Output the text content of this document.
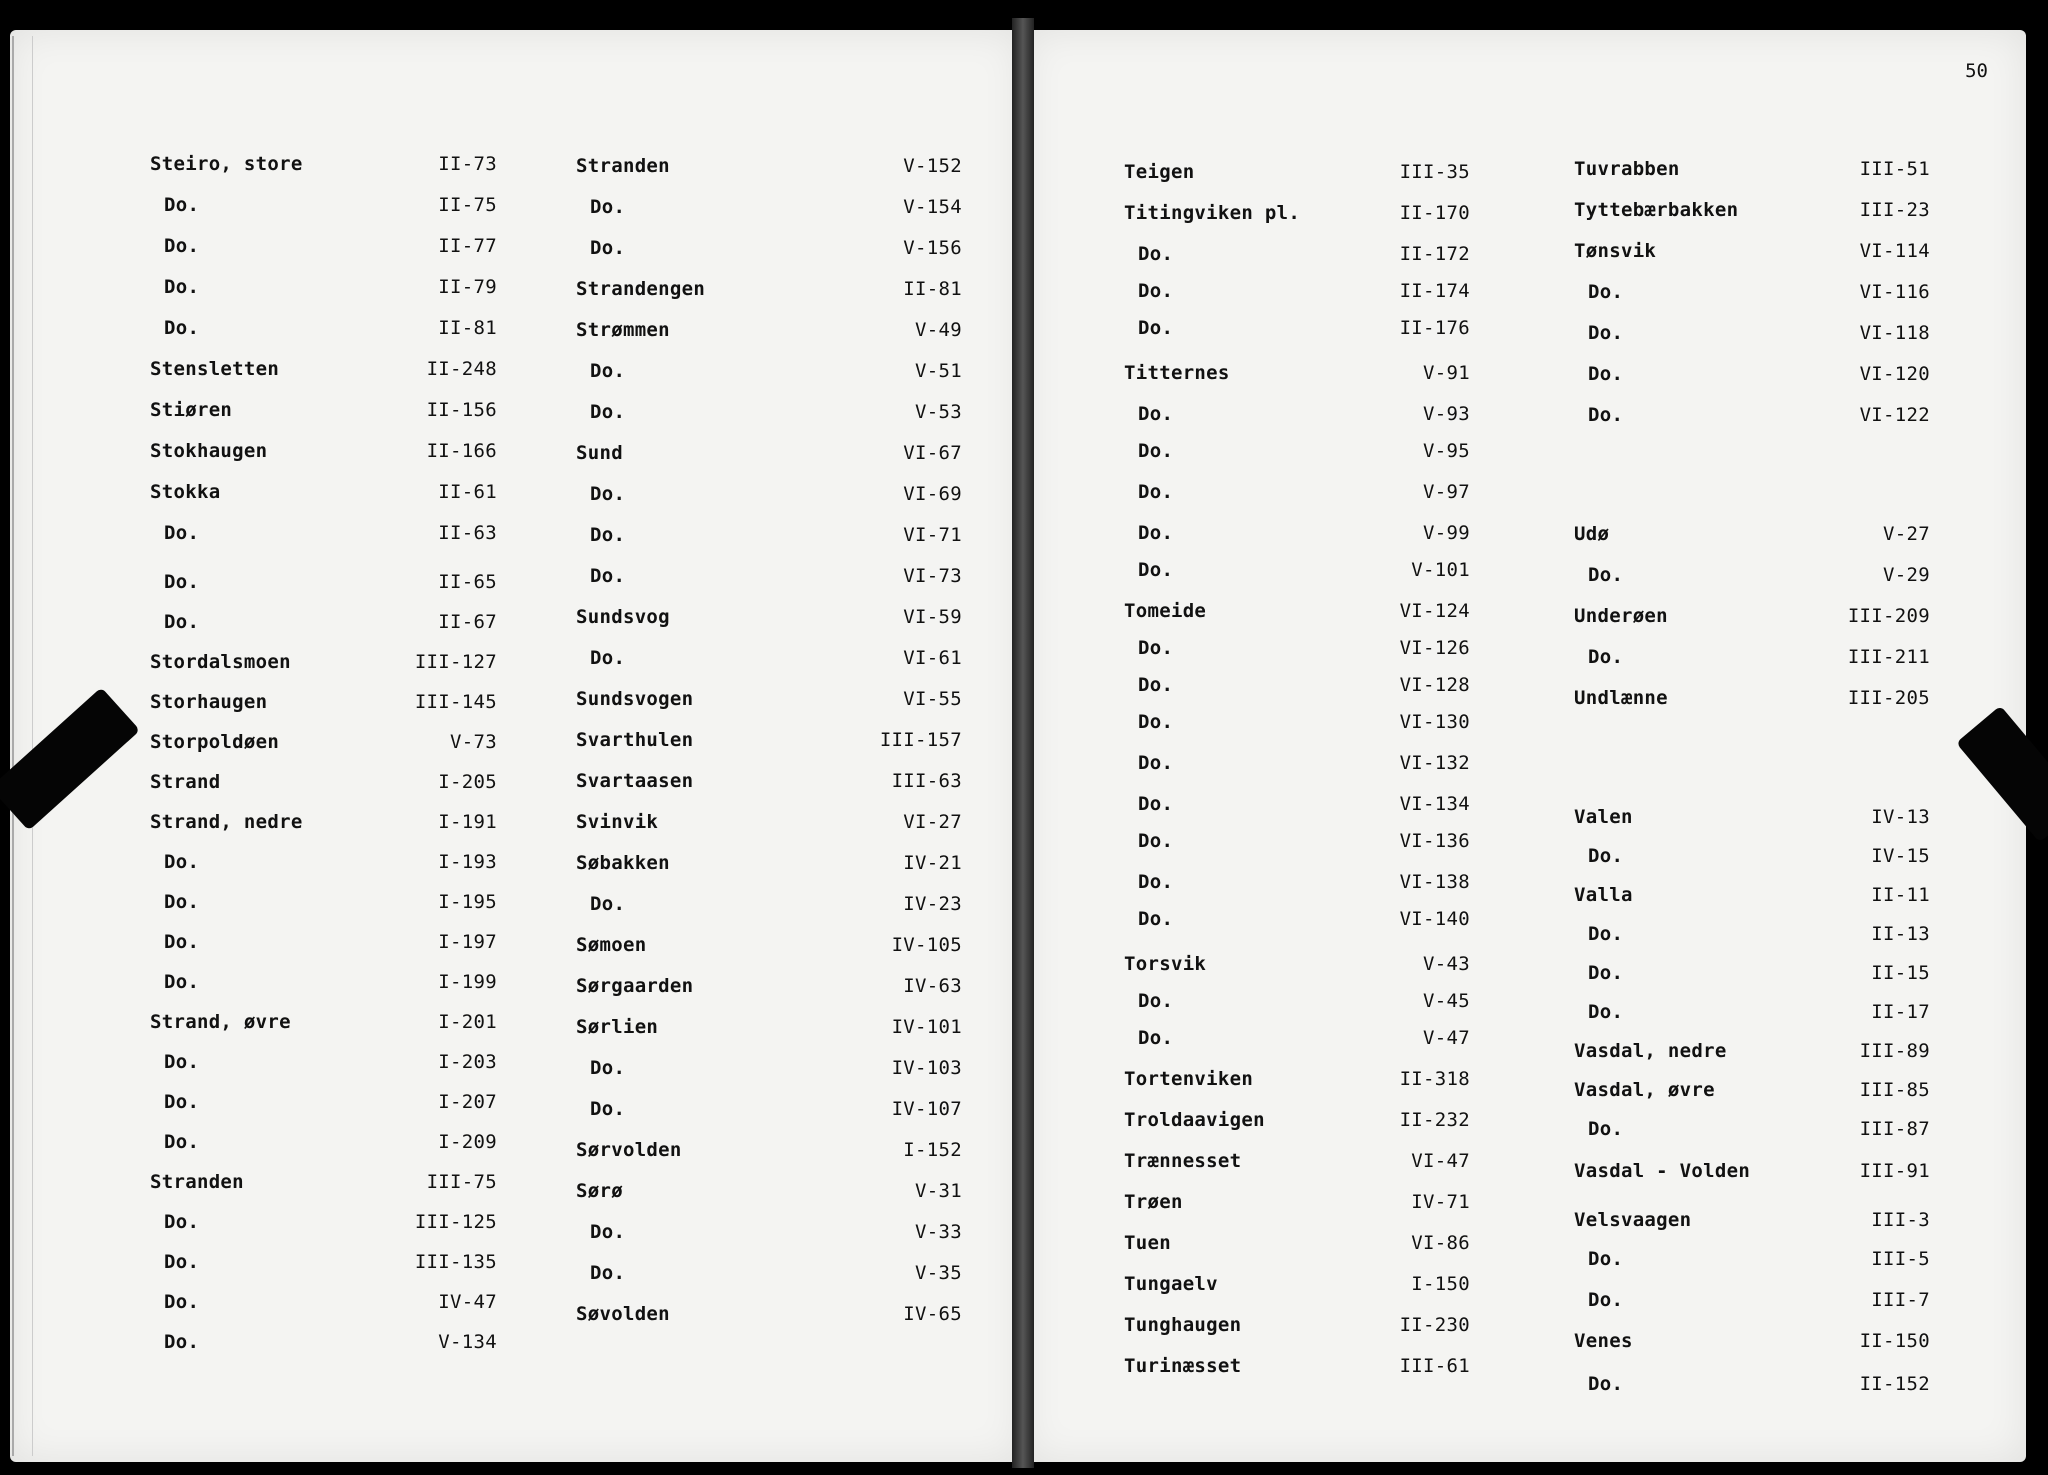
50
Steiro, store	II-73
Do.	II-75
Do.	II-77
Do.	II-79
Do.	II-81
Stensletten	II-248
Stiøren	II-156
Stokhaugen	II-166
Stokka	II-61
Do.	II-63
Do.	II-65
Do.	II-67
Stordalsmoen	III-127
Storhaugen	III-145
Storpoldøen	V-73
Strand	I-205
Strand, nedre	I-191
Do.	I-193
Do.	I-195
Do.	I-197
Do.	I-199
Strand, øvre	I-201
Do.	I-203
Do.	I-207
Do.	I-209
Stranden	III-75
Do.	III-125
Do.	III-135
Do.	IV-47
Do.	V-134
Stranden	V-152
Do.	V-154
Do.	V-156
Strandengen	II-81
Strømmen	V-49
Do.	V-51
Do.	V-53
Sund	VI-67
Do.	VI-69
Do.	VI-71
Do.	VI-73
Sundsvog	VI-59
Do.	VI-61
Sundsvogen	VI-55
Svarthulen	III-157
Svartaasen	III-63
Svinvik	VI-27
Søbakken	IV-21
Do.	IV-23
Sømoen	IV-105
Sørgaarden	IV-63
Sørlien	IV-101
Do.	IV-103
Do.	IV-107
Sørvolden	I-152
Sørø	V-31
Do.	V-33
Do.	V-35
Søvolden	IV-65
Teigen	III-35
Titingviken pl.	II-170
Do.	II-172
Do.	II-174
Do.	II-176
Titternes	V-91
Do.	V-93
Do.	V-95
Do.	V-97
Do.	V-99
Do.	V-101
Tomeide	VI-124
Do.	VI-126
Do.	VI-128
Do.	VI-130
Do.	VI-132
Do.	VI-134
Do.	VI-136
Do.	VI-138
Do.	VI-140
Torsvik	V-43
Do.	V-45
Do.	V-47
Tortenviken	II-318
Troldaavigen	II-232
Trænnesset	VI-47
Trøen	IV-71
Tuen	VI-86
Tungaelv	I-150
Tunghaugen	II-230
Turinæsset	III-61
Tuvrabben	III-51
Tyttebærbakken	III-23
Tønsvik	VI-114
Do.	VI-116
Do.	VI-118
Do.	VI-120
Do.	VI-122
Udø	V-27
Do.	V-29
Underøen	III-209
Do.	III-211
Undlænne	III-205
Valen	IV-13
Do.	IV-15
Valla	II-11
Do.	II-13
Do.	II-15
Do.	II-17
Vasdal, nedre	III-89
Vasdal, øvre	III-85
Do.	III-87
Vasdal - Volden	III-91
Velsvaagen	III-3
Do.	III-5
Do.	III-7
Venes	II-150
Do.	II-152
